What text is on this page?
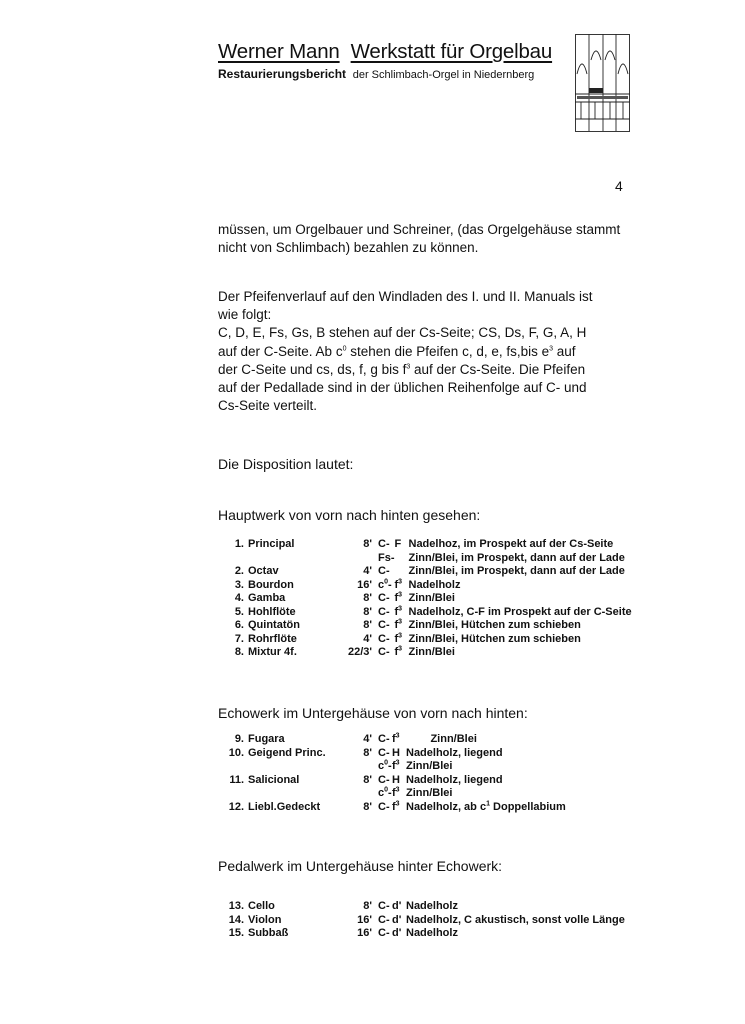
Werner Mann Werkstatt für Orgelbau
Restaurierungsbericht der Schlimbach-Orgel in Niedernberg
4
müssen, um Orgelbauer und Schreiner, (das Orgelgehäuse stammt nicht von Schlimbach) bezahlen zu können.
Der Pfeifenverlauf auf den Windladen des I. und II. Manuals ist
wie folgt:
C, D, E, Fs, Gs, B stehen auf der Cs-Seite; CS, Ds, F, G, A, H
auf der C-Seite. Ab $c^0$ stehen die Pfeifen c, d, e, fs,bis $e^3$ auf
der C-Seite und cs, ds, f, g bis $f^3$ auf der Cs-Seite. Die Pfeifen
auf der Pedallade sind in der üblichen Reihenfolge auf C- und
Cs-Seite verteilt.
Die Disposition lautet:
Hauptwerk von vorn nach hinten gesehen:
1.	Principal	8'	C-	F	Nadelhoz, im Prospekt auf der Cs-Seite
			Fs-		Zinn/Blei, im Prospekt, dann auf der Lade
2.	Octav	4'	C-		Zinn/Blei, im Prospekt, dann auf der Lade
3.	Bourdon	16'	$c^0-$	$f^3$	Nadelholz
4.	Gamba	8'	C-	$f^3$	Zinn/Blei
5.	Hohlflöte	8'	C-	$f^3$	Nadelholz, C-F im Prospekt auf der C-Seite
6.	Quintatön	8'	C-	$f^3$	Zinn/Blei, Hütchen zum schieben
7.	Rohrflöte	4'	C-	$f^3$	Zinn/Blei, Hütchen zum schieben
8.	Mixtur 4f.	22/3'	C-	$f^3$	Zinn/Blei
Echowerk im Untergehäuse von vorn nach hinten:
9.	Fugara	4'	C-	$f^3$	Zinn/Blei
10.	Geigend Princ.	8'	C-	H	Nadelholz, liegend
			$c^0-$	$f^3$	Zinn/Blei
11.	Salicional	8'	C-	H	Nadelholz, liegend
			$c^0-$	$f^3$	Zinn/Blei
12.	Liebl.Gedeckt	8'	C-	$f^3$	Nadelholz, ab $c^1$ Doppellabium
Pedalwerk im Untergehäuse hinter Echowerk:
13.	Cello	8'	C-	d'	Nadelholz
14.	Violon	16'	C-	d'	Nadelholz, C akustisch, sonst volle Länge
15.	Subbaß	16'	C-	d'	Nadelholz
